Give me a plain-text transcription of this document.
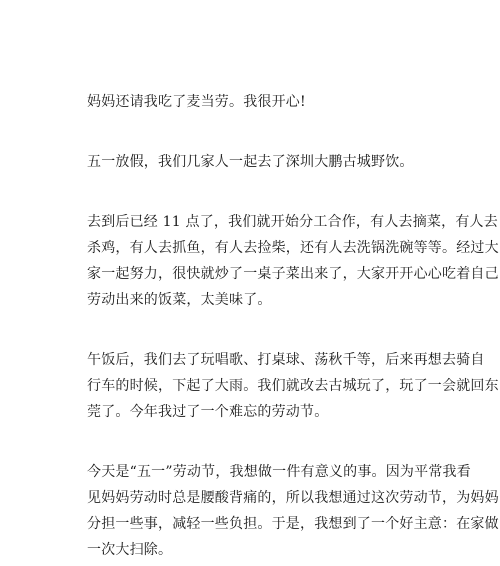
妈妈还请我吃了麦当劳。我很开心!
五一放假，我们几家人一起去了深圳大鹏古城野饮。
去到后已经 11 点了，我们就开始分工合作，有人去摘菜，有人去
杀鸡，有人去抓鱼，有人去捡柴，还有人去洗锅洗碗等等。经过大
家一起努力，很快就炒了一桌子菜出来了，大家开开心心吃着自己
劳动出来的饭菜，太美味了。
午饭后，我们去了玩唱歌、打桌球、荡秋千等，后来再想去骑自
行车的时候，下起了大雨。我们就改去古城玩了，玩了一会就回东
莞了。今年我过了一个难忘的劳动节。
今天是“五一”劳动节，我想做一件有意义的事。因为平常我看
见妈妈劳动时总是腰酸背痛的，所以我想通过这次劳动节，为妈妈
分担一些事，减轻一些负担。于是，我想到了一个好主意：在家做
一次大扫除。
